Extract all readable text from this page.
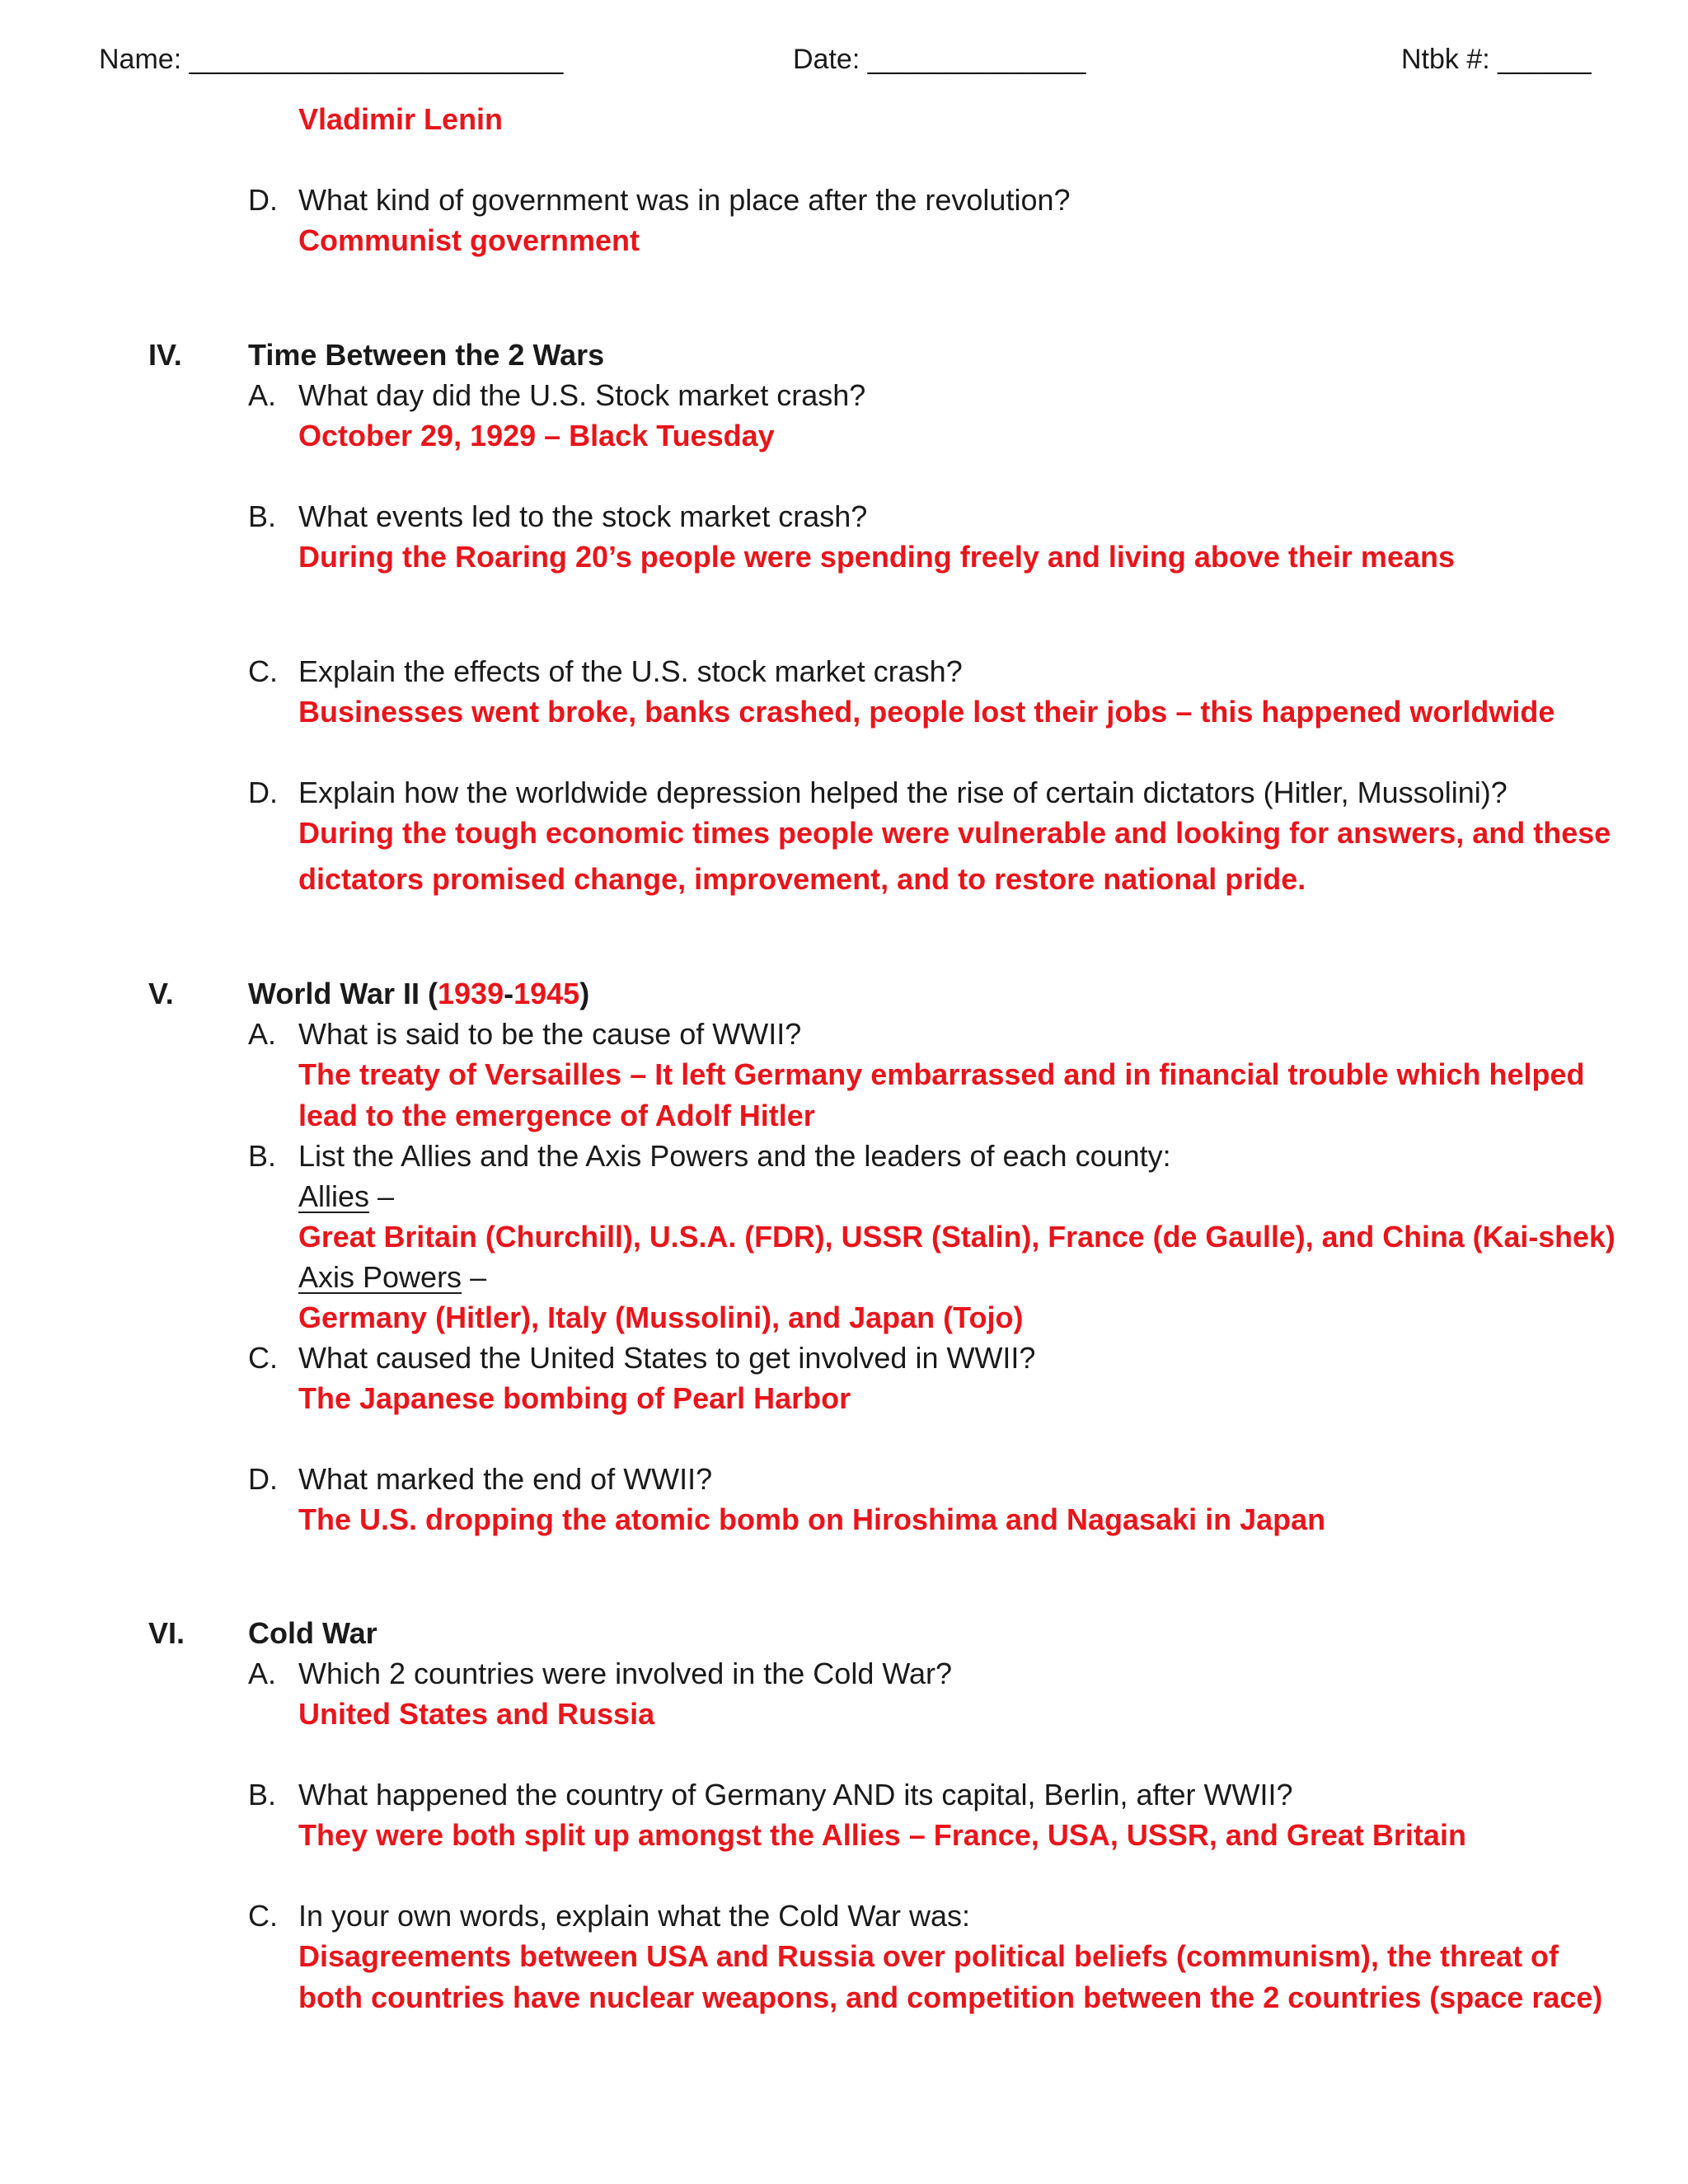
Name: ________________________	Date: ______________	Ntbk #: ______
Vladimir Lenin
D. What kind of government was in place after the revolution?
Communist government
IV. Time Between the 2 Wars
A. What day did the U.S. Stock market crash?
October 29, 1929 – Black Tuesday
B. What events led to the stock market crash?
During the Roaring 20’s people were spending freely and living above their means
C. Explain the effects of the U.S. stock market crash?
Businesses went broke, banks crashed, people lost their jobs – this happened worldwide
D. Explain how the worldwide depression helped the rise of certain dictators (Hitler, Mussolini)?
During the tough economic times people were vulnerable and looking for answers, and these
dictators promised change, improvement, and to restore national pride.
V.	World War II (1939-1945)
A. What is said to be the cause of WWII?
The treaty of Versailles – It left Germany embarrassed and in financial trouble which helped
lead to the emergence of Adolf Hitler
B. List the Allies and the Axis Powers and the leaders of each county:
Allies –
Great Britain (Churchill), U.S.A. (FDR), USSR (Stalin), France (de Gaulle), and China (Kai-shek)
Axis Powers –
Germany (Hitler), Italy (Mussolini), and Japan (Tojo)
C. What caused the United States to get involved in WWII?
The Japanese bombing of Pearl Harbor
D. What marked the end of WWII?
The U.S. dropping the atomic bomb on Hiroshima and Nagasaki in Japan
VI. Cold War
A. Which 2 countries were involved in the Cold War?
United States and Russia
B. What happened the country of Germany AND its capital, Berlin, after WWII?
They were both split up amongst the Allies – France, USA, USSR, and Great Britain
C. In your own words, explain what the Cold War was:
Disagreements between USA and Russia over political beliefs (communism), the threat of
both countries have nuclear weapons, and competition between the 2 countries (space race)
